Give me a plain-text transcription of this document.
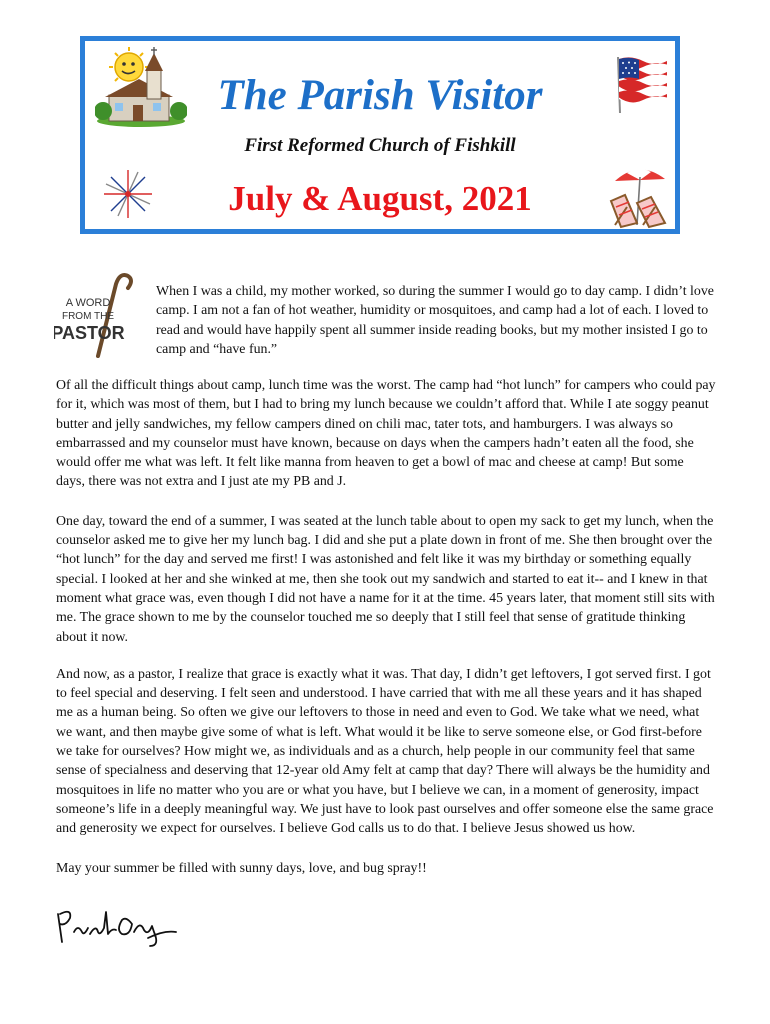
The Parish Visitor
First Reformed Church of Fishkill
July & August, 2021
A WORD
FROM THE
PASTOR
When I was a child, my mother worked, so during the summer I would go to day camp. I didn’t love camp. I am not a fan of hot weather, humidity or mosquitoes, and camp had a lot of each. I loved to read and would have happily spent all summer inside reading books, but my mother insisted I go to camp and “have fun.”

Of all the difficult things about camp, lunch time was the worst. The camp had “hot lunch” for campers who could pay for it, which was most of them, but I had to bring my lunch because we couldn’t afford that. While I ate soggy peanut butter and jelly sandwiches, my fellow campers dined on chili mac, tater tots, and hamburgers. I was always so embarrassed and my counselor must have known, because on days when the campers hadn’t eaten all the food, she would offer me what was left. It felt like manna from heaven to get a bowl of mac and cheese at camp! But some days, there was not extra and I just ate my PB and J.

One day, toward the end of a summer, I was seated at the lunch table about to open my sack to get my lunch, when the counselor asked me to give her my lunch bag. I did and she put a plate down in front of me. She then brought over the “hot lunch” for the day and served me first! I was astonished and felt like it was my birthday or something equally special. I looked at her and she winked at me, then she took out my sandwich and started to eat it-- and I knew in that moment what grace was, even though I did not have a name for it at the time. 45 years later, that moment still sits with me. The grace shown to me by the counselor touched me so deeply that I still feel that sense of gratitude thinking about it now.

And now, as a pastor, I realize that grace is exactly what it was. That day, I didn’t get leftovers, I got served first. I got to feel special and deserving. I felt seen and understood. I have carried that with me all these years and it has shaped me as a human being. So often we give our leftovers to those in need and even to God. We take what we need, what we want, and then maybe give some of what is left. What would it be like to serve someone else, or God first-before we take for ourselves? How might we, as individuals and as a church, help people in our community feel that same sense of specialness and deserving that 12-year old Amy felt at camp that day? There will always be the humidity and mosquitoes in life no matter who you are or what you have, but I believe we can, in a moment of generosity, impact someone’s life in a deeply meaningful way. We just have to look past ourselves and offer someone else the same grace and generosity we expect for ourselves. I believe God calls us to do that. I believe Jesus showed us how.

May your summer be filled with sunny days, love, and bug spray!!
